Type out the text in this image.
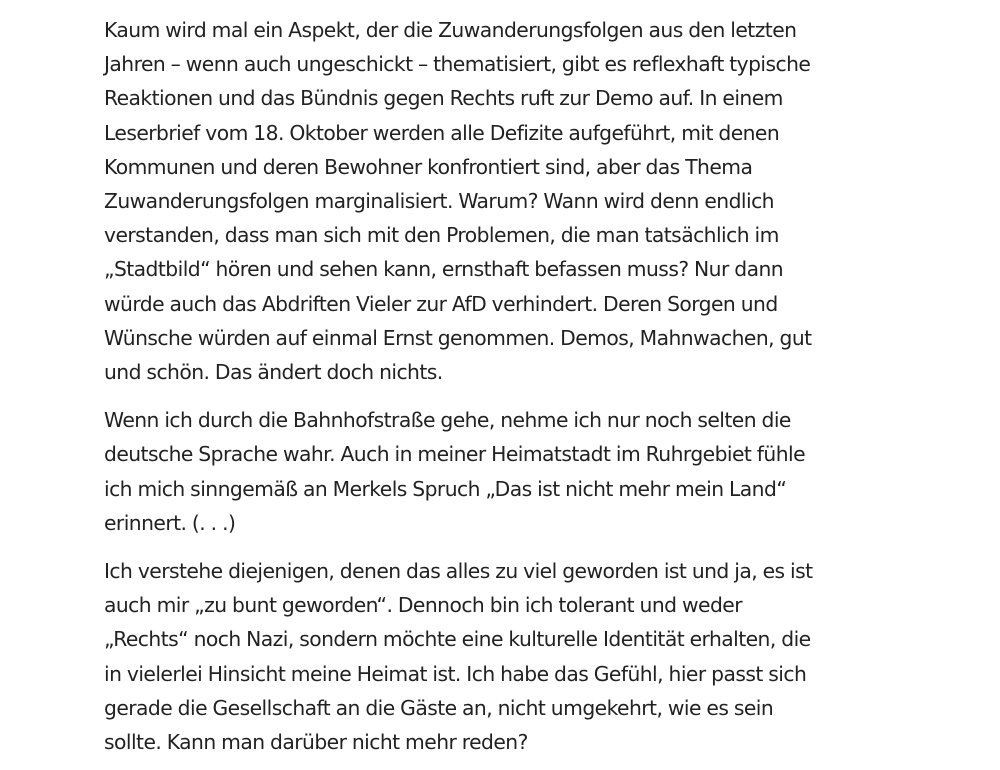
Kaum wird mal ein Aspekt, der die Zuwanderungsfolgen aus den letzten
Jahren – wenn auch ungeschickt – thematisiert, gibt es reflexhaft typische
Reaktionen und das Bündnis gegen Rechts ruft zur Demo auf. In einem
Leserbrief vom 18. Oktober werden alle Defizite aufgeführt, mit denen
Kommunen und deren Bewohner konfrontiert sind, aber das Thema
Zuwanderungsfolgen marginalisiert. Warum? Wann wird denn endlich
verstanden, dass man sich mit den Problemen, die man tatsächlich im
„Stadtbild“ hören und sehen kann, ernsthaft befassen muss? Nur dann
würde auch das Abdriften Vieler zur AfD verhindert. Deren Sorgen und
Wünsche würden auf einmal Ernst genommen. Demos, Mahnwachen, gut
und schön. Das ändert doch nichts.

Wenn ich durch die Bahnhofstraße gehe, nehme ich nur noch selten die
deutsche Sprache wahr. Auch in meiner Heimatstadt im Ruhrgebiet fühle
ich mich sinngemäß an Merkels Spruch „Das ist nicht mehr mein Land“
erinnert. (. . .)

Ich verstehe diejenigen, denen das alles zu viel geworden ist und ja, es ist
auch mir „zu bunt geworden“. Dennoch bin ich tolerant und weder
„Rechts“ noch Nazi, sondern möchte eine kulturelle Identität erhalten, die
in vielerlei Hinsicht meine Heimat ist. Ich habe das Gefühl, hier passt sich
gerade die Gesellschaft an die Gäste an, nicht umgekehrt, wie es sein
sollte. Kann man darüber nicht mehr reden?
